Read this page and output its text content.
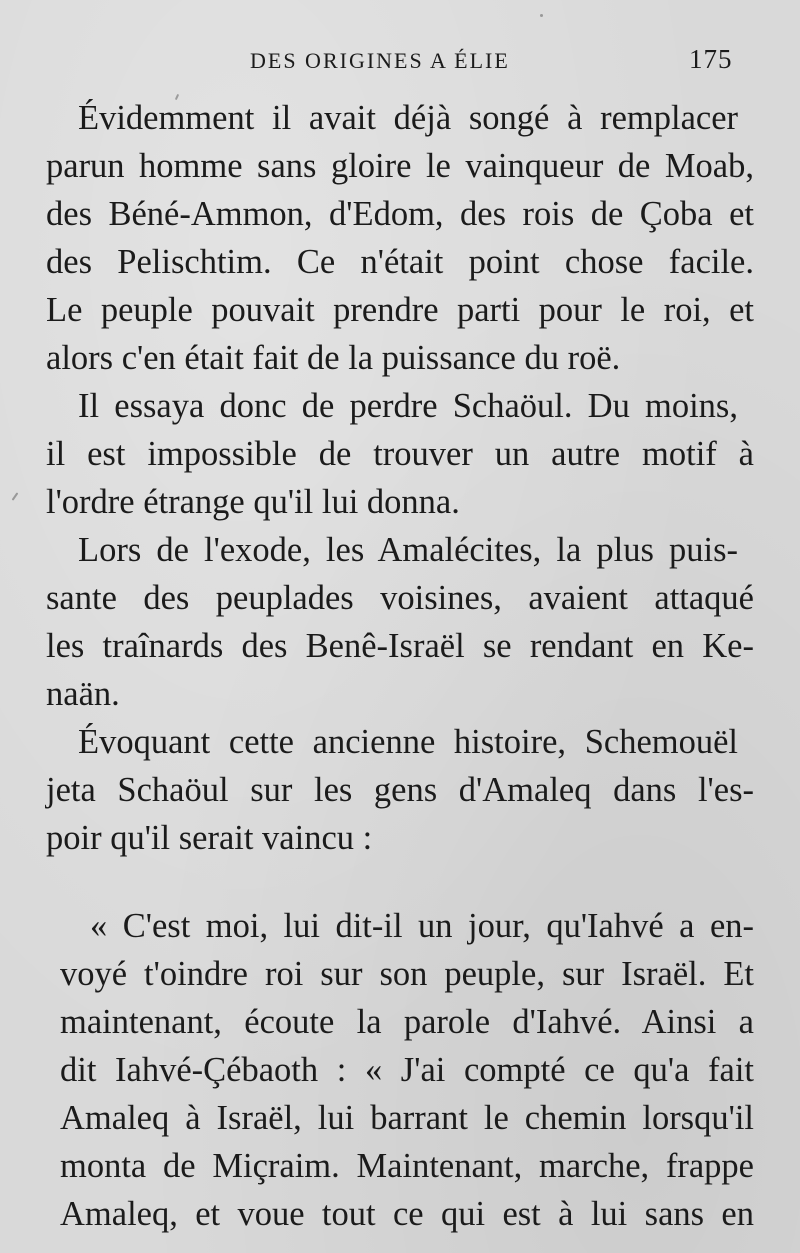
DES ORIGINES A ÉLIE	175
Évidemment il avait déjà songé à remplacer
parun homme sans gloire le vainqueur de Moab,
des Béné-Ammon, d'Edom, des rois de Çoba et
des Pelischtim. Ce n'était point chose facile.
Le peuple pouvait prendre parti pour le roi, et
alors c'en était fait de la puissance du roë.
Il essaya donc de perdre Schaöul. Du moins,
il est impossible de trouver un autre motif à
l'ordre étrange qu'il lui donna.
Lors de l'exode, les Amalécites, la plus puis-
sante des peuplades voisines, avaient attaqué
les traînards des Benê-Israël se rendant en Ke-
naän.
Évoquant cette ancienne histoire, Schemouël
jeta Schaöul sur les gens d'Amaleq dans l'es-
poir qu'il serait vaincu :
« C'est moi, lui dit-il un jour, qu'Iahvé a en-
voyé t'oindre roi sur son peuple, sur Israël. Et
maintenant, écoute la parole d'Iahvé. Ainsi a
dit Iahvé-Çébaoth : « J'ai compté ce qu'a fait
Amaleq à Israël, lui barrant le chemin lorsqu'il
monta de Miçraim. Maintenant, marche, frappe
Amaleq, et voue tout ce qui est à lui sans en
